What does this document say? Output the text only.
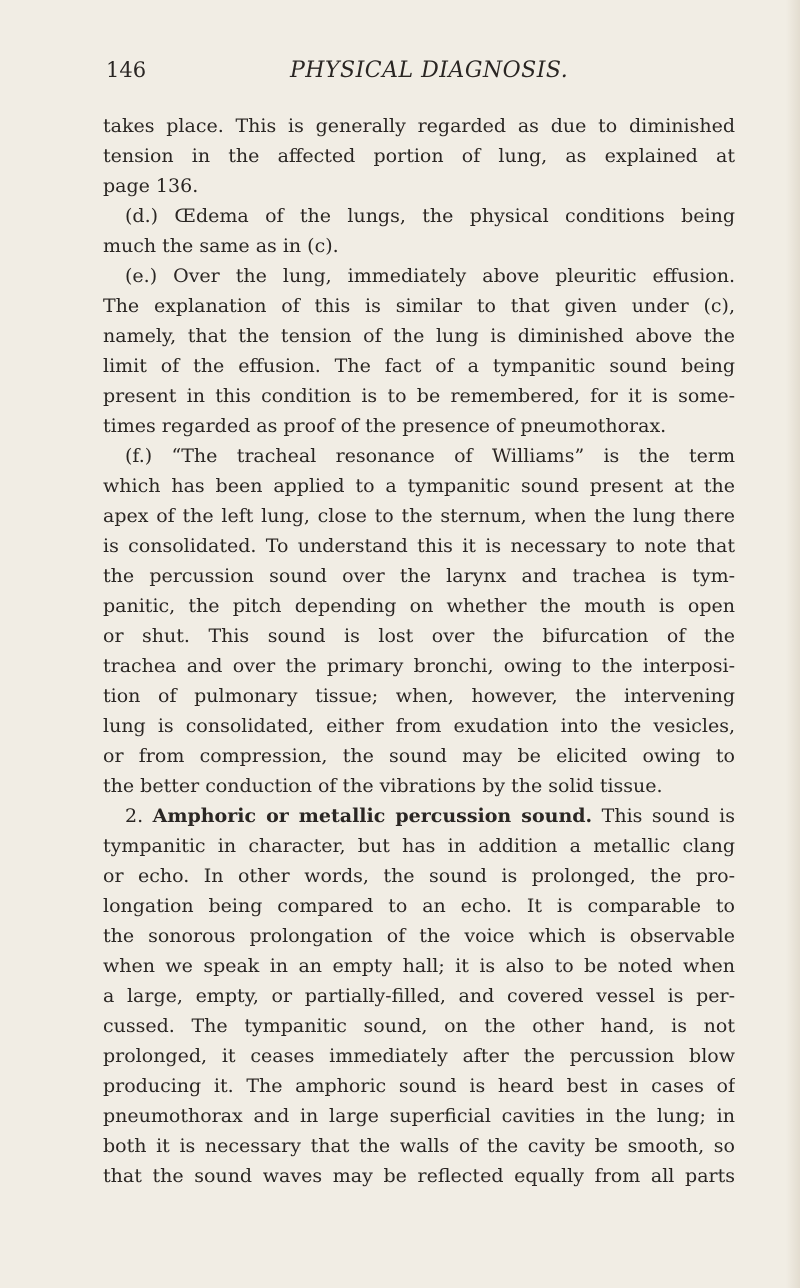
146	PHYSICAL DIAGNOSIS.
takes place. This is generally regarded as due to diminished
tension in the affected portion of lung, as explained at
page 136.
(d.) Œdema of the lungs, the physical conditions being
much the same as in (c).
(e.) Over the lung, immediately above pleuritic effusion.
The explanation of this is similar to that given under (c),
namely, that the tension of the lung is diminished above the
limit of the effusion. The fact of a tympanitic sound being
present in this condition is to be remembered, for it is some-
times regarded as proof of the presence of pneumothorax.
(f.) “The tracheal resonance of Williams” is the term
which has been applied to a tympanitic sound present at the
apex of the left lung, close to the sternum, when the lung there
is consolidated. To understand this it is necessary to note that
the percussion sound over the larynx and trachea is tym-
panitic, the pitch depending on whether the mouth is open
or shut. This sound is lost over the bifurcation of the
trachea and over the primary bronchi, owing to the interposi-
tion of pulmonary tissue; when, however, the intervening
lung is consolidated, either from exudation into the vesicles,
or from compression, the sound may be elicited owing to
the better conduction of the vibrations by the solid tissue.
2. Amphoric or metallic percussion sound. This sound is
tympanitic in character, but has in addition a metallic clang
or echo. In other words, the sound is prolonged, the pro-
longation being compared to an echo. It is comparable to
the sonorous prolongation of the voice which is observable
when we speak in an empty hall; it is also to be noted when
a large, empty, or partially-filled, and covered vessel is per-
cussed. The tympanitic sound, on the other hand, is not
prolonged, it ceases immediately after the percussion blow
producing it. The amphoric sound is heard best in cases of
pneumothorax and in large superficial cavities in the lung; in
both it is necessary that the walls of the cavity be smooth, so
that the sound waves may be reflected equally from all parts
